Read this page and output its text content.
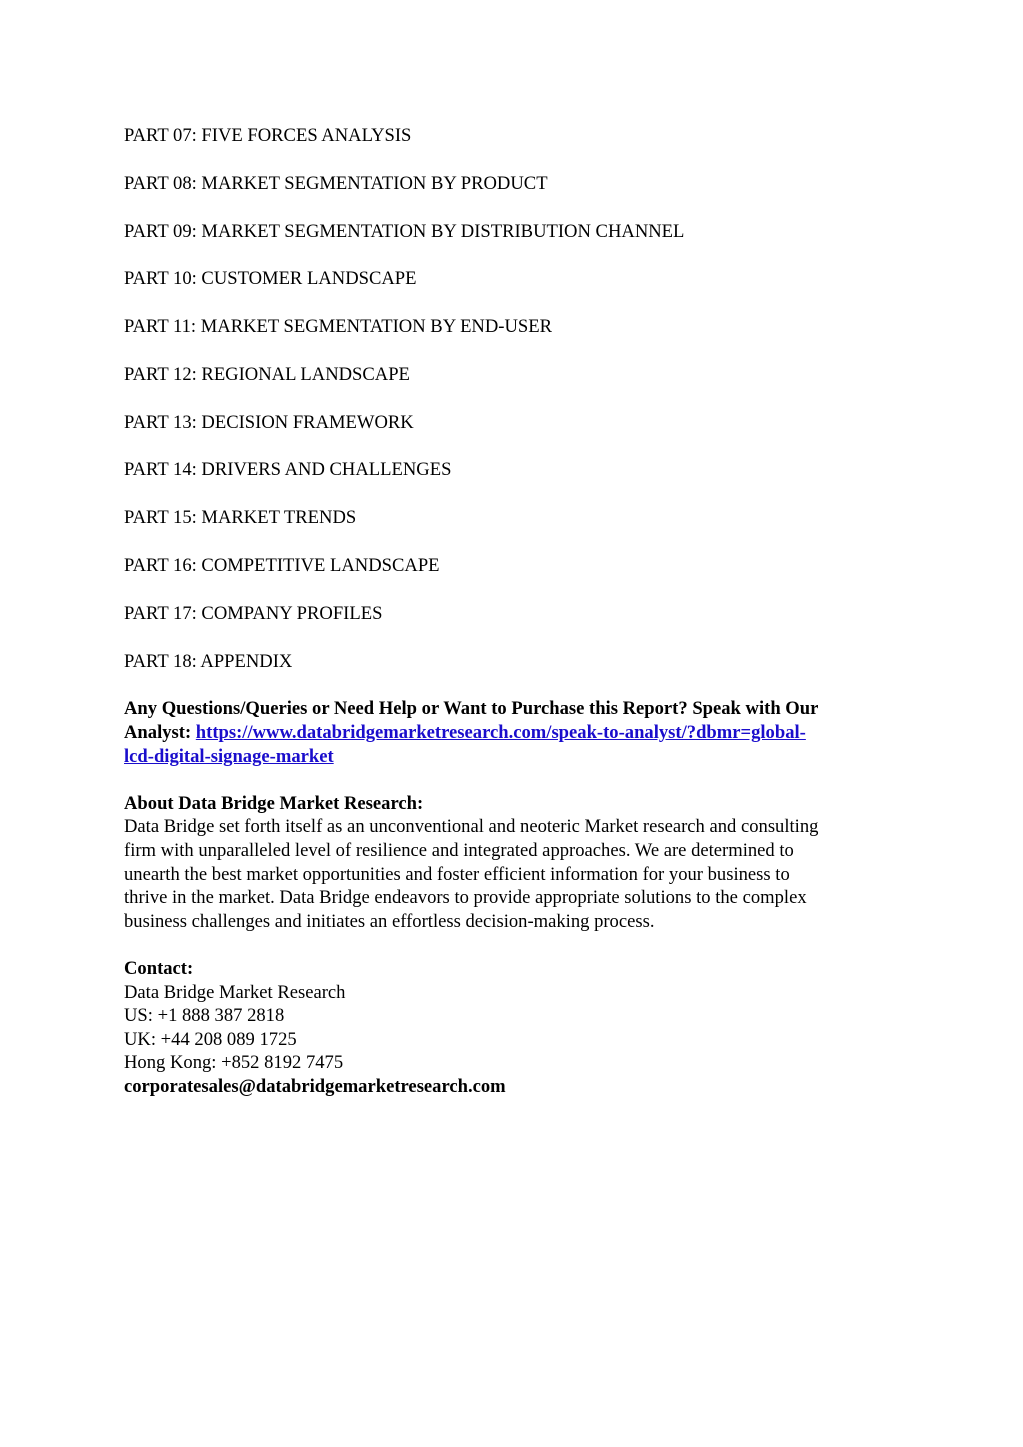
PART 07: FIVE FORCES ANALYSIS
PART 08: MARKET SEGMENTATION BY PRODUCT
PART 09: MARKET SEGMENTATION BY DISTRIBUTION CHANNEL
PART 10: CUSTOMER LANDSCAPE
PART 11: MARKET SEGMENTATION BY END-USER
PART 12: REGIONAL LANDSCAPE
PART 13: DECISION FRAMEWORK
PART 14: DRIVERS AND CHALLENGES
PART 15: MARKET TRENDS
PART 16: COMPETITIVE LANDSCAPE
PART 17: COMPANY PROFILES
PART 18: APPENDIX
Any Questions/Queries or Need Help or Want to Purchase this Report? Speak with Our
Analyst: https://www.databridgemarketresearch.com/speak-to-analyst/?dbmr=global-
lcd-digital-signage-market
About Data Bridge Market Research:
Data Bridge set forth itself as an unconventional and neoteric Market research and consulting
firm with unparalleled level of resilience and integrated approaches. We are determined to
unearth the best market opportunities and foster efficient information for your business to
thrive in the market. Data Bridge endeavors to provide appropriate solutions to the complex
business challenges and initiates an effortless decision-making process.
Contact:
Data Bridge Market Research
US: +1 888 387 2818
UK: +44 208 089 1725
Hong Kong: +852 8192 7475
corporatesales@databridgemarketresearch.com
